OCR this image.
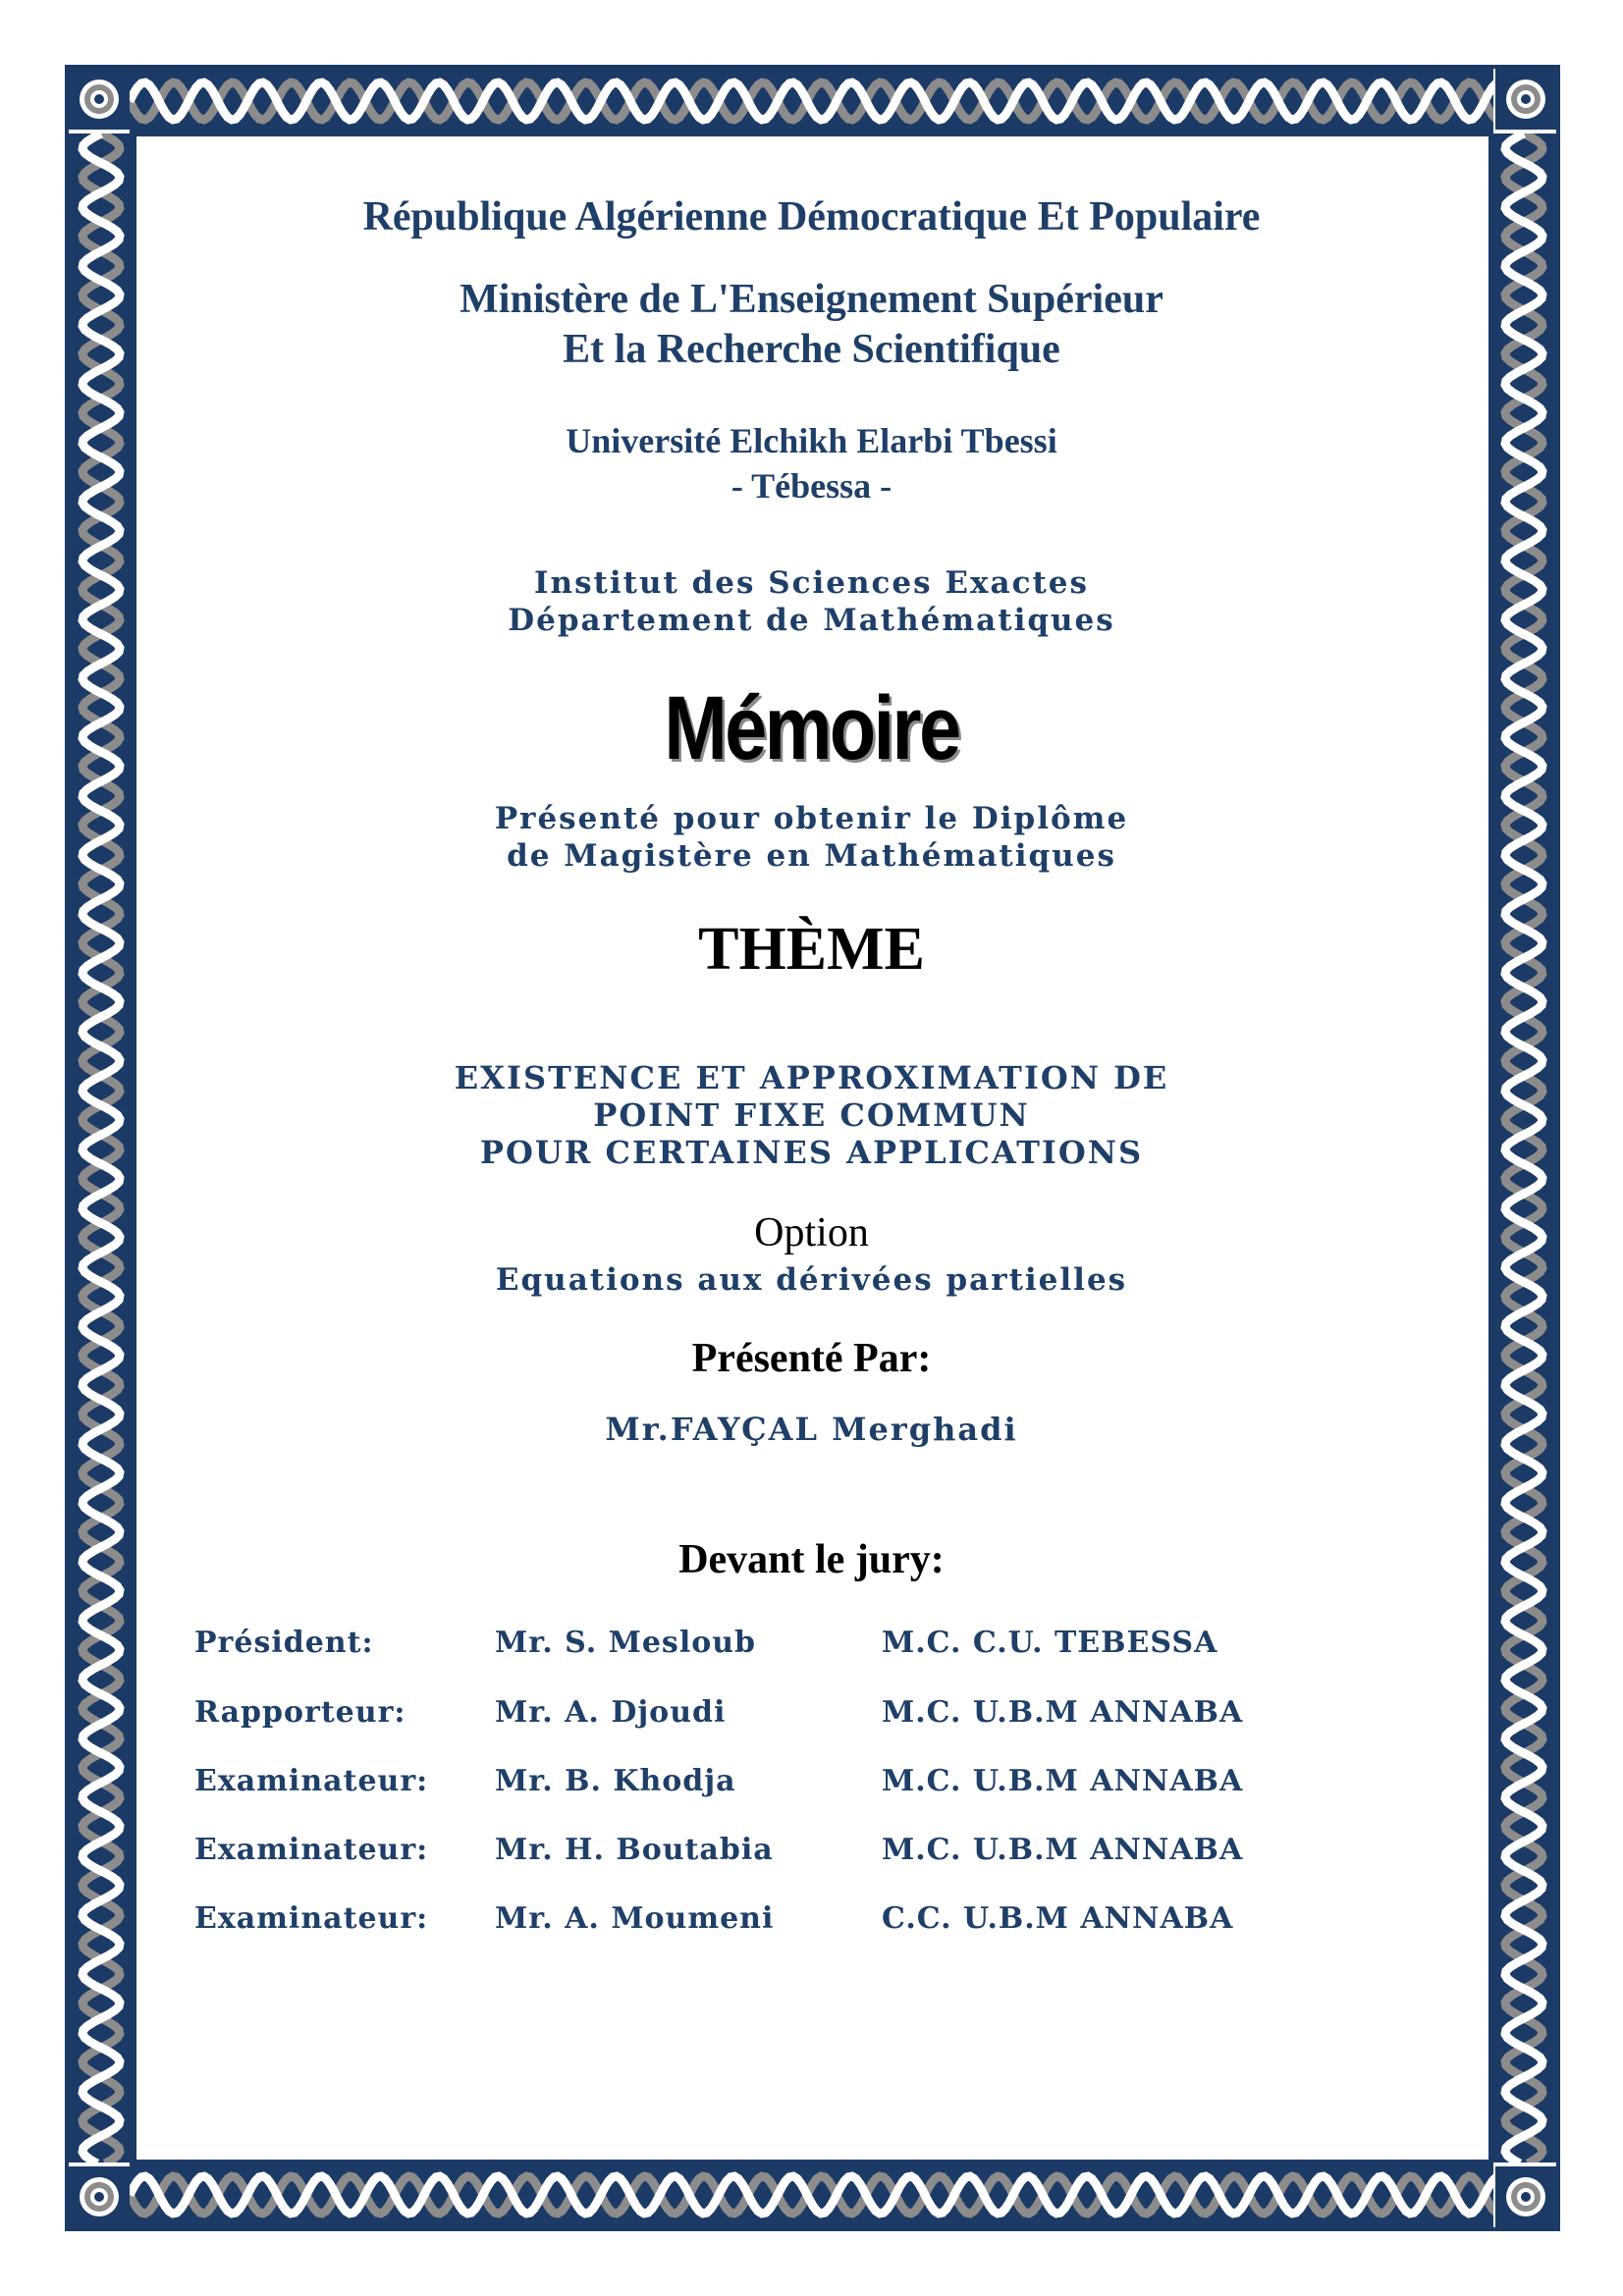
République Algérienne Démocratique Et Populaire

Ministère de L'Enseignement Supérieur

Et la Recherche Scientifique

Université Elchikh Elarbi Tbessi

- Tébessa -

Institut des Sciences Exactes

Département de Mathématiques

Mémoire

Présenté pour obtenir le Diplôme

de Magistère en Mathématiques

THÈME

EXISTENCE ET APPROXIMATION DE

POINT FIXE COMMUN

POUR CERTAINES APPLICATIONS

Option

Equations aux dérivées partielles

Présenté Par:

Mr.FAYÇAL Merghadi

Devant le jury:

Président:	Mr. S. Mesloub	M.C. C.U. TEBESSA
Rapporteur:	Mr. A. Djoudi	M.C. U.B.M ANNABA
Examinateur: Mr. B. Khodja	M.C. U.B.M ANNABA
Examinateur: Mr. H. Boutabia	M.C. U.B.M ANNABA
Examinateur: Mr. A. Moumeni	C.C. U.B.M ANNABA
